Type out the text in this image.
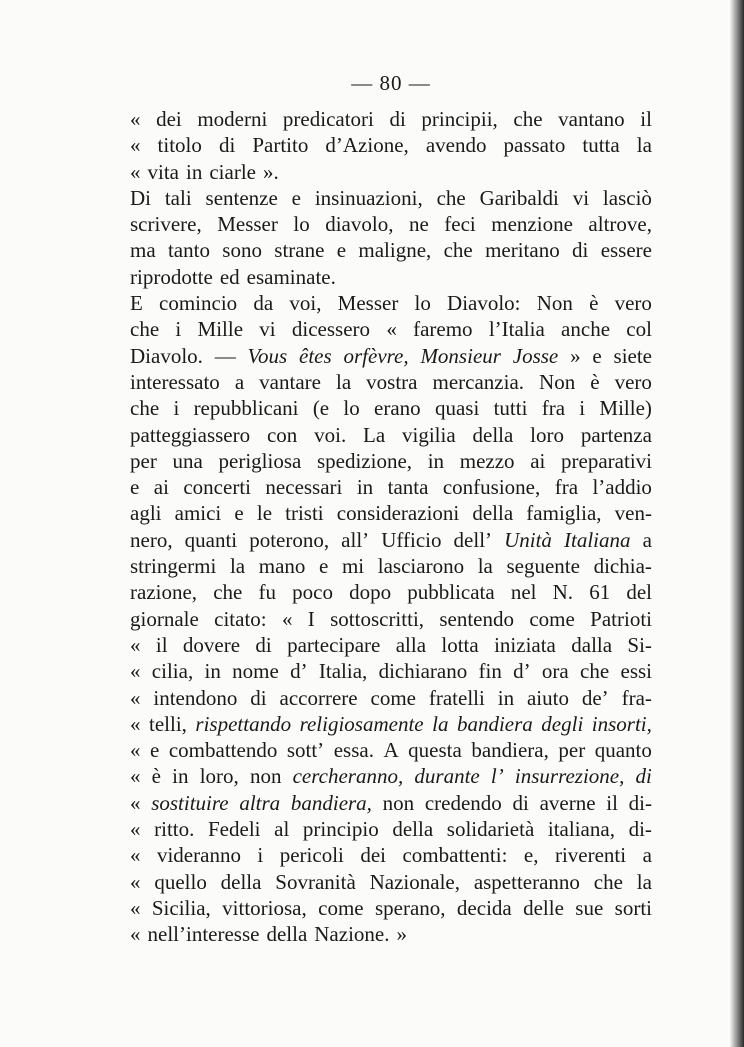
— 80 —
« dei moderni predicatori di principii, che vantano il
« titolo di Partito d’Azione, avendo passato tutta la
« vita in ciarle ».
Di tali sentenze e insinuazioni, che Garibaldi vi lasciò
scrivere, Messer lo diavolo, ne feci menzione altrove,
ma tanto sono strane e maligne, che meritano di essere
riprodotte ed esaminate.
E comincio da voi, Messer lo Diavolo: Non è vero
che i Mille vi dicessero « faremo l’Italia anche col
Diavolo. — Vous êtes orfèvre, Monsieur Josse » e siete
interessato a vantare la vostra mercanzia. Non è vero
che i repubblicani (e lo erano quasi tutti fra i Mille)
patteggiassero con voi. La vigilia della loro partenza
per una perigliosa spedizione, in mezzo ai preparativi
e ai concerti necessari in tanta confusione, fra l’addio
agli amici e le tristi considerazioni della famiglia, ven-
nero, quanti poterono, all’ Ufficio dell’ Unità Italiana a
stringermi la mano e mi lasciarono la seguente dichia-
razione, che fu poco dopo pubblicata nel N. 61 del
giornale citato: « I sottoscritti, sentendo come Patrioti
« il dovere di partecipare alla lotta iniziata dalla Si-
« cilia, in nome d’ Italia, dichiarano fin d’ ora che essi
« intendono di accorrere come fratelli in aiuto de’ fra-
« telli, rispettando religiosamente la bandiera degli insorti,
« e combattendo sott’ essa. A questa bandiera, per quanto
« è in loro, non cercheranno, durante l’ insurrezione, di
« sostituire altra bandiera, non credendo di averne il di-
« ritto. Fedeli al principio della solidarietà italiana, di-
« videranno i pericoli dei combattenti: e, riverenti a
« quello della Sovranità Nazionale, aspetteranno che la
« Sicilia, vittoriosa, come sperano, decida delle sue sorti
« nell’interesse della Nazione. »
